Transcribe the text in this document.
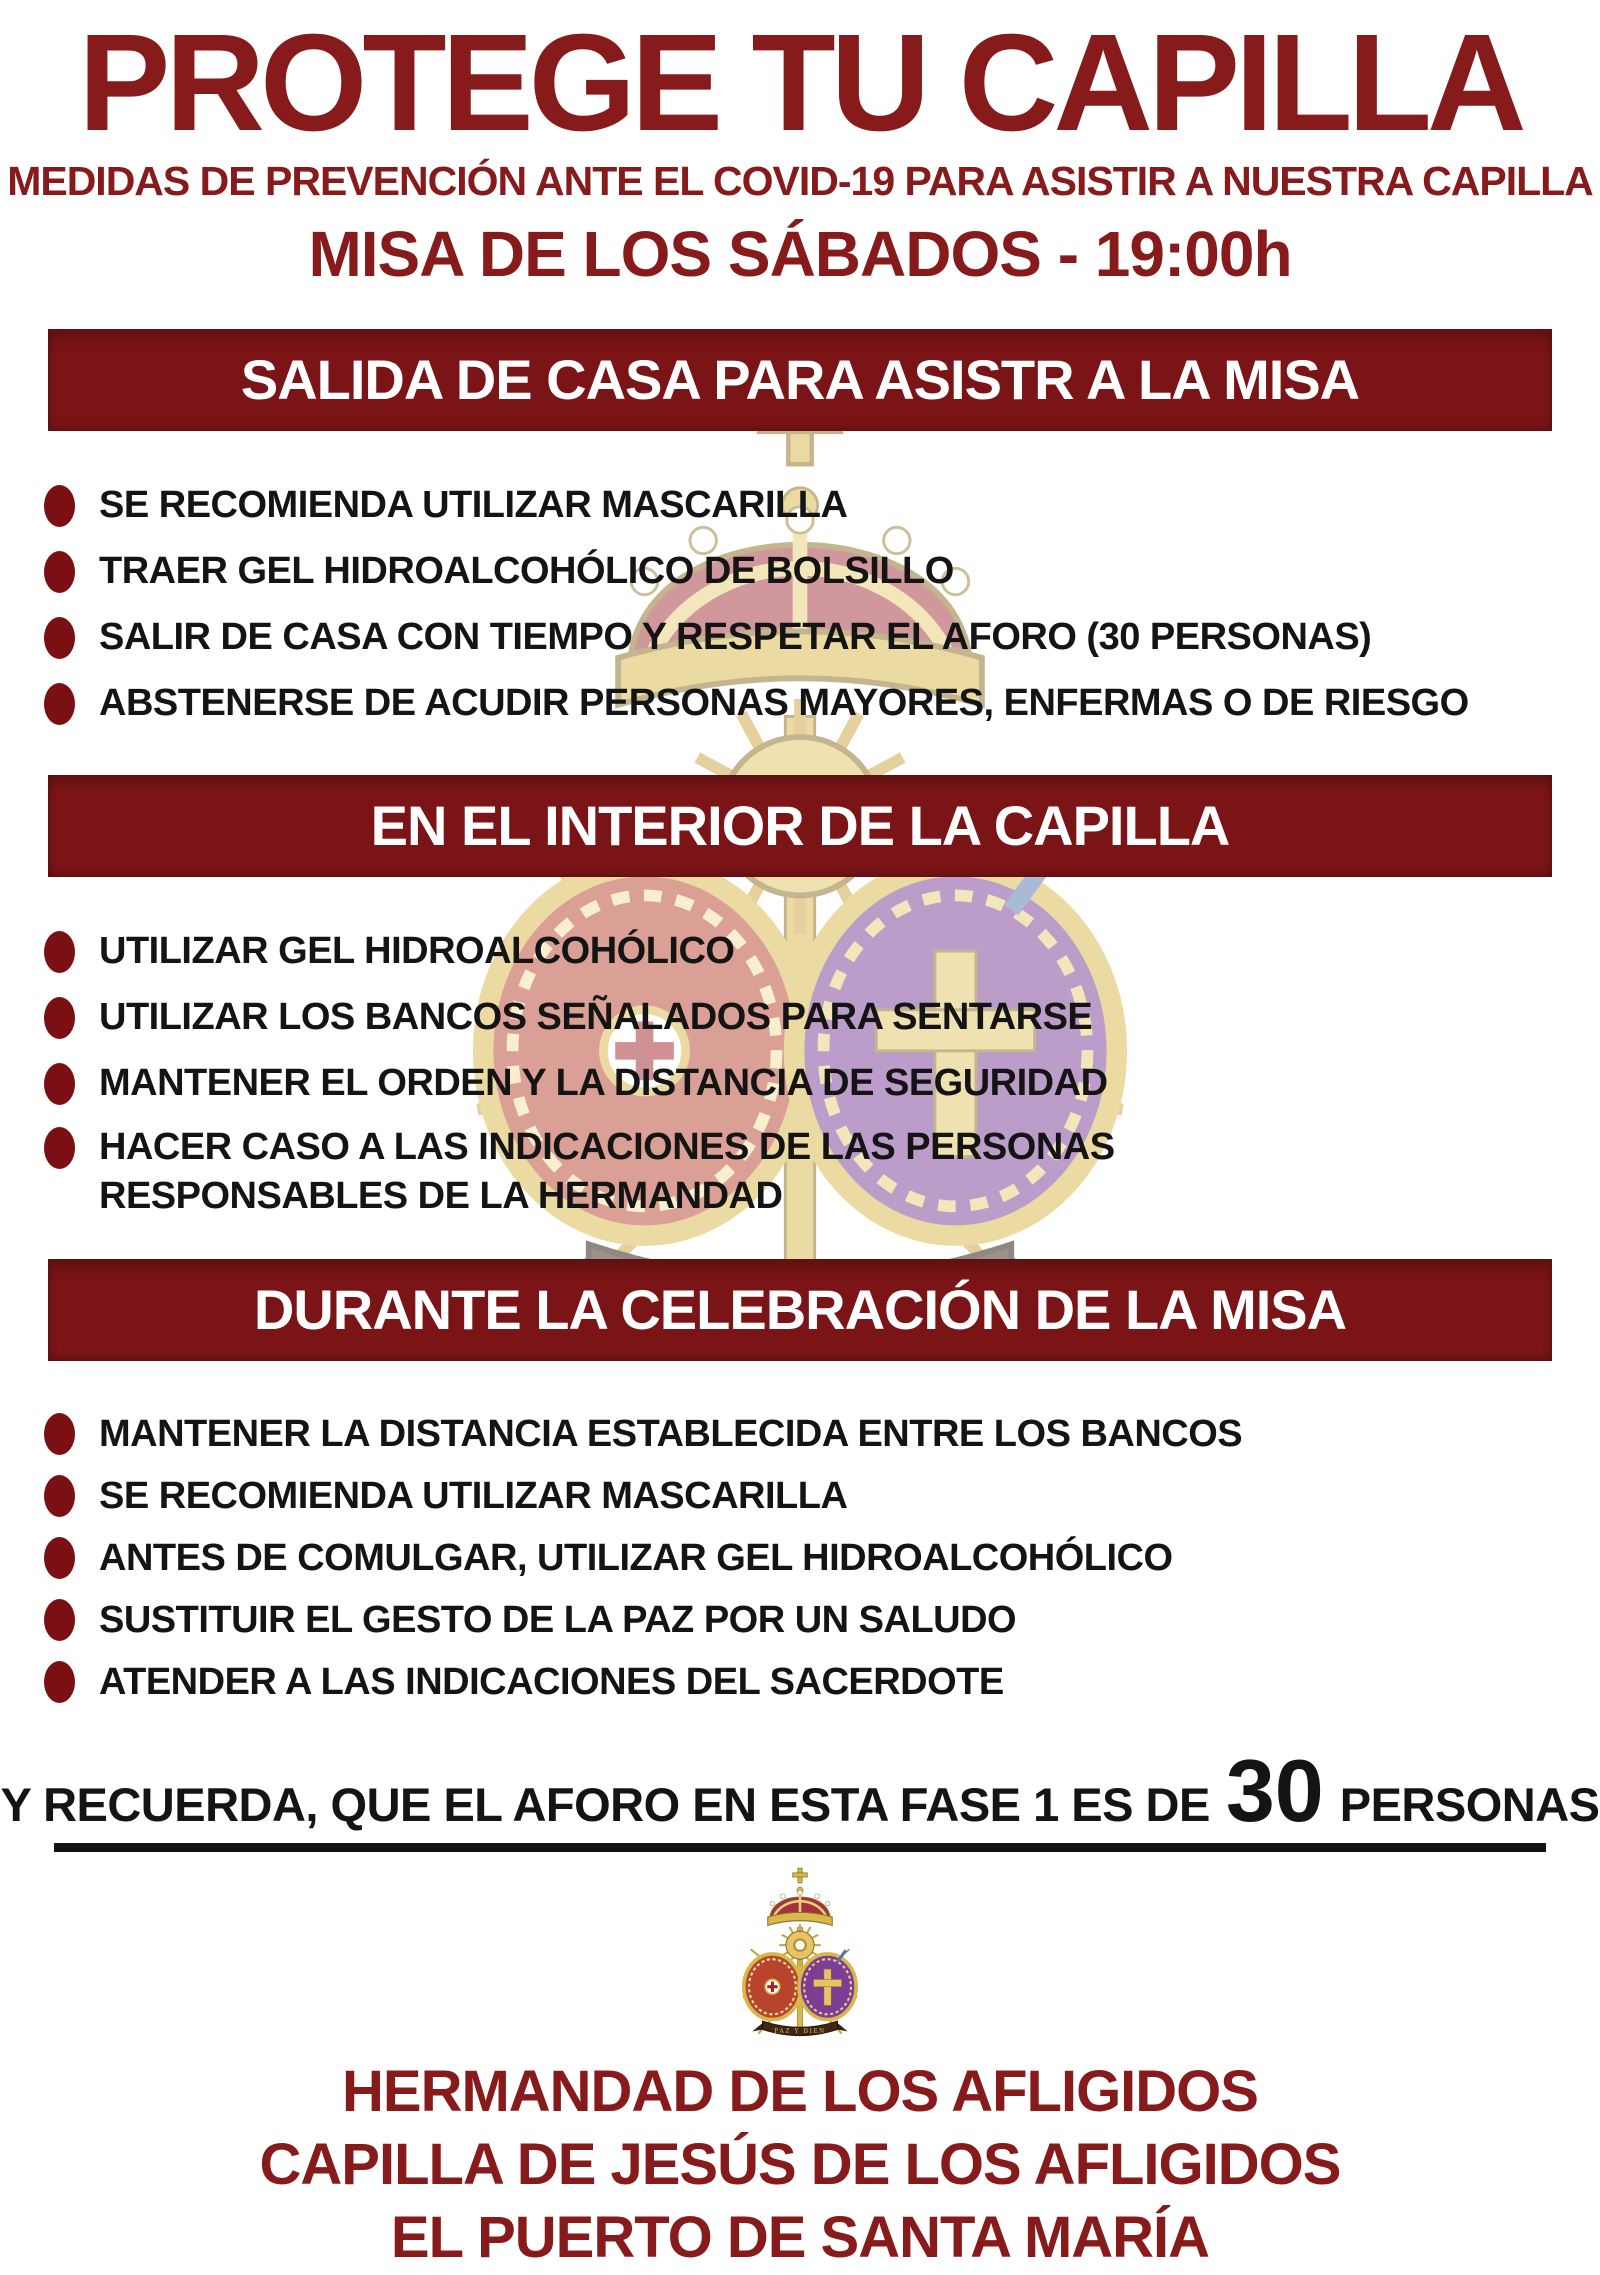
PROTEGE TU CAPILLA
MEDIDAS DE PREVENCIÓN ANTE EL COVID-19 PARA ASISTIR A NUESTRA CAPILLA
MISA DE LOS SÁBADOS - 19:00h
SALIDA DE CASA PARA ASISTR A LA MISA
SE RECOMIENDA UTILIZAR MASCARILLA
TRAER GEL HIDROALCOHÓLICO DE BOLSILLO
SALIR DE CASA CON TIEMPO Y RESPETAR EL AFORO (30 PERSONAS)
ABSTENERSE DE ACUDIR PERSONAS MAYORES, ENFERMAS O DE RIESGO
EN EL INTERIOR DE LA CAPILLA
UTILIZAR GEL HIDROALCOHÓLICO
UTILIZAR LOS BANCOS SEÑALADOS PARA SENTARSE
MANTENER EL ORDEN Y LA DISTANCIA DE SEGURIDAD
HACER CASO A LAS INDICACIONES DE LAS PERSONAS RESPONSABLES DE LA HERMANDAD
DURANTE LA CELEBRACIÓN DE LA MISA
MANTENER LA DISTANCIA ESTABLECIDA ENTRE LOS BANCOS
SE RECOMIENDA UTILIZAR MASCARILLA
ANTES DE COMULGAR, UTILIZAR GEL HIDROALCOHÓLICO
SUSTITUIR EL GESTO DE LA PAZ POR UN SALUDO
ATENDER A LAS INDICACIONES DEL SACERDOTE
Y RECUERDA, QUE EL AFORO EN ESTA FASE 1 ES DE 30 PERSONAS
HERMANDAD DE LOS AFLIGIDOS
CAPILLA DE JESÚS DE LOS AFLIGIDOS
EL PUERTO DE SANTA MARÍA
